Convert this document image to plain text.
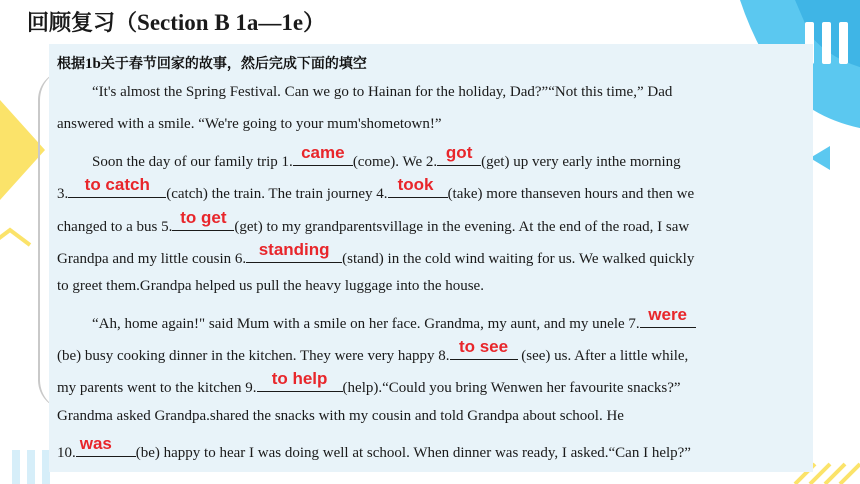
回顾复习（Section B 1a—1e）
根据1b关于春节回家的故事，然后完成下面的填空
“It's almost the Spring Festival. Can we go to Hainan for the holiday, Dad?”“Not this time,” Dad
answered with a smile. “We're going to your mum'shometown!”
Soon the day of our family trip 1. came (come). We 2. got (get) up very early inthe morning
3. to catch (catch) the train. The train journey 4. took (take) more thanseven hours and then we
changed to a bus 5. to get (get) to my grandparentsvillage in the evening. At the end of the road, I saw
Grandpa and my little cousin 6. standing (stand) in the cold wind waiting for us. We walked quickly
to greet them.Grandpa helped us pull the heavy luggage into the house.
“Ah, home again!" said Mum with a smile on her face. Grandma, my aunt, and my unele 7. were
(be) busy cooking dinner in the kitchen. They were very happy 8. to see (see) us. After a little while,
my parents went to the kitchen 9. to help (help).“Could you bring Wenwen her favourite snacks?”
Grandma asked Grandpa.shared the snacks with my cousin and told Grandpa about school. He
10. was (be) happy to hear I was doing well at school. When dinner was ready, I asked.“Can I help?”
